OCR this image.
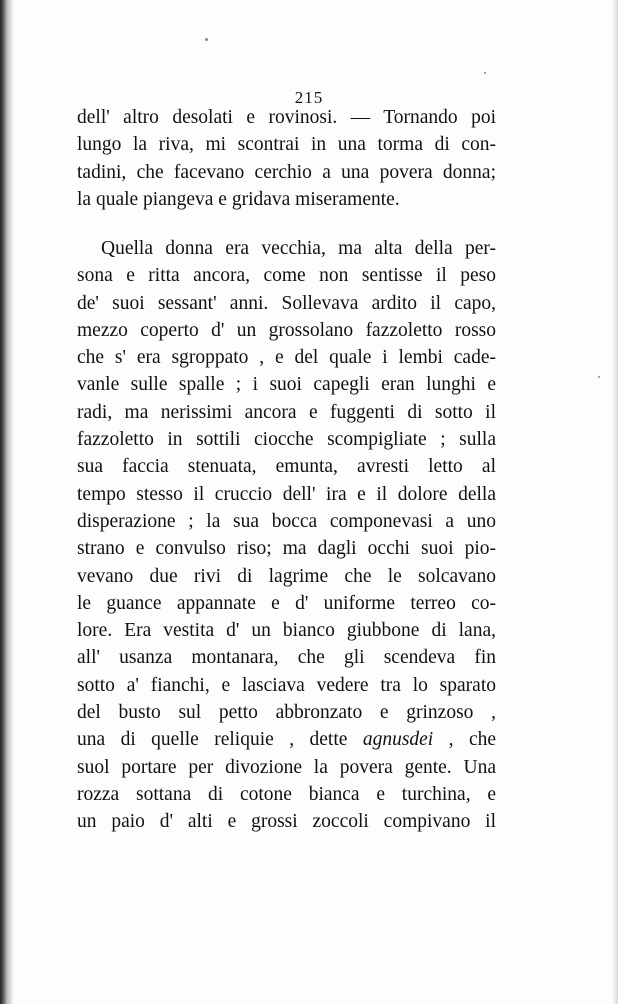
215
dell' altro desolati e rovinosi. — Tornando poi
lungo la riva, mi scontrai in una torma di con-
tadini, che facevano cerchio a una povera donna;
la quale piangeva e gridava miseramente.
Quella donna era vecchia, ma alta della per-
sona e ritta ancora, come non sentisse il peso
de' suoi sessant' anni. Sollevava ardito il capo,
mezzo coperto d' un grossolano fazzoletto rosso
che s' era sgroppato , e del quale i lembi cade-
vanle sulle spalle ; i suoi capegli eran lunghi e
radi, ma nerissimi ancora e fuggenti di sotto il
fazzoletto in sottili ciocche scompigliate ; sulla
sua faccia stenuata, emunta, avresti letto al
tempo stesso il cruccio dell' ira e il dolore della
disperazione ; la sua bocca componevasi a uno
strano e convulso riso; ma dagli occhi suoi pio-
vevano due rivi di lagrime che le solcavano
le guance appannate e d' uniforme terreo co-
lore. Era vestita d' un bianco giubbone di lana,
all' usanza montanara, che gli scendeva fin
sotto a' fianchi, e lasciava vedere tra lo sparato
del busto sul petto abbronzato e grinzoso ,
una di quelle reliquie , dette agnusdei , che
suol portare per divozione la povera gente. Una
rozza sottana di cotone bianca e turchina, e
un paio d' alti e grossi zoccoli compivano il
